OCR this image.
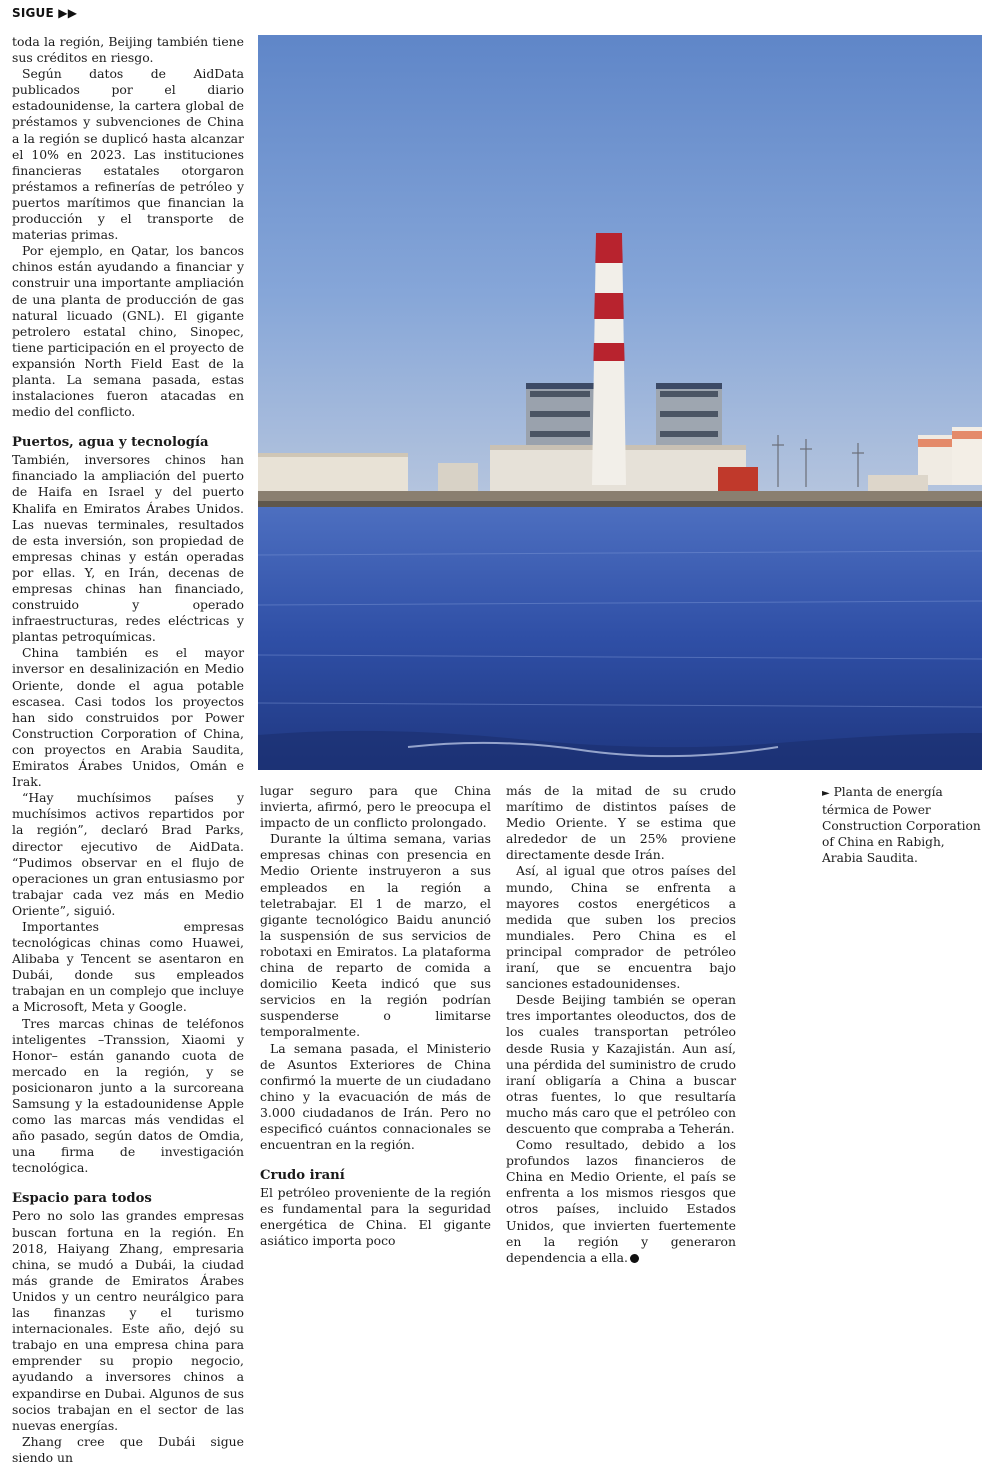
SIGUE ▶▶

toda la región, Beijing también tiene sus créditos en riesgo.

Según datos de AidData publicados por el diario estadounidense, la cartera global de préstamos y subvenciones de China a la región se duplicó hasta alcanzar el 10% en 2023. Las instituciones financieras estatales otorgaron préstamos a refinerías de petróleo y puertos marítimos que financian la producción y el transporte de materias primas.

Por ejemplo, en Qatar, los bancos chinos están ayudando a financiar y construir una importante ampliación de una planta de producción de gas natural licuado (GNL). El gigante petrolero estatal chino, Sinopec, tiene participación en el proyecto de expansión North Field East de la planta. La semana pasada, estas instalaciones fueron atacadas en medio del conflicto.

Puertos, agua y tecnología

También, inversores chinos han financiado la ampliación del puerto de Haifa en Israel y del puerto Khalifa en Emiratos Árabes Unidos. Las nuevas terminales, resultados de esta inversión, son propiedad de empresas chinas y están operadas por ellas. Y, en Irán, decenas de empresas chinas han financiado, construido y operado infraestructuras, redes eléctricas y plantas petroquímicas.

China también es el mayor inversor en desalinización en Medio Oriente, donde el agua potable escasea. Casi todos los proyectos han sido construidos por Power Construction Corporation of China, con proyectos en Arabia Saudita, Emiratos Árabes Unidos, Omán e Irak.

“Hay muchísimos países y muchísimos activos repartidos por la región”, declaró Brad Parks, director ejecutivo de AidData. “Pudimos observar en el flujo de operaciones un gran entusiasmo por trabajar cada vez más en Medio Oriente”, siguió.

Importantes empresas tecnológicas chinas como Huawei, Alibaba y Tencent se asentaron en Dubái, donde sus empleados trabajan en un complejo que incluye a Microsoft, Meta y Google.

Tres marcas chinas de teléfonos inteligentes –Transsion, Xiaomi y Honor– están ganando cuota de mercado en la región, y se posicionaron junto a la surcoreana Samsung y la estadounidense Apple como las marcas más vendidas el año pasado, según datos de Omdia, una firma de investigación tecnológica.

Espacio para todos

Pero no solo las grandes empresas buscan fortuna en la región. En 2018, Haiyang Zhang, empresaria china, se mudó a Dubái, la ciudad más grande de Emiratos Árabes Unidos y un centro neurálgico para las finanzas y el turismo internacionales. Este año, dejó su trabajo en una empresa china para emprender su propio negocio, ayudando a inversores chinos a expandirse en Dubai. Algunos de sus socios trabajan en el sector de las nuevas energías.

Zhang cree que Dubái sigue siendo un

lugar seguro para que China invierta, afirmó, pero le preocupa el impacto de un conflicto prolongado.

Durante la última semana, varias empresas chinas con presencia en Medio Oriente instruyeron a sus empleados en la región a teletrabajar. El 1 de marzo, el gigante tecnológico Baidu anunció la suspensión de sus servicios de robotaxi en Emiratos. La plataforma china de reparto de comida a domicilio Keeta indicó que sus servicios en la región podrían suspenderse o limitarse temporalmente.

La semana pasada, el Ministerio de Asuntos Exteriores de China confirmó la muerte de un ciudadano chino y la evacuación de más de 3.000 ciudadanos de Irán. Pero no especificó cuántos connacionales se encuentran en la región.

Crudo iraní

El petróleo proveniente de la región es fundamental para la seguridad energética de China. El gigante asiático importa poco

más de la mitad de su crudo marítimo de distintos países de Medio Oriente. Y se estima que alrededor de un 25% proviene directamente desde Irán.

Así, al igual que otros países del mundo, China se enfrenta a mayores costos energéticos a medida que suben los precios mundiales. Pero China es el principal comprador de petróleo iraní, que se encuentra bajo sanciones estadounidenses.

Desde Beijing también se operan tres importantes oleoductos, dos de los cuales transportan petróleo desde Rusia y Kazajistán. Aun así, una pérdida del suministro de crudo iraní obligaría a China a buscar otras fuentes, lo que resultaría mucho más caro que el petróleo con descuento que compraba a Teherán.

Como resultado, debido a los profundos lazos financieros de China en Medio Oriente, el país se enfrenta a los mismos riesgos que otros países, incluido Estados Unidos, que invierten fuertemente en la región y generaron dependencia a ella.

► Planta de energía térmica de Power Construction Corporation of China en Rabigh, Arabia Saudita.
